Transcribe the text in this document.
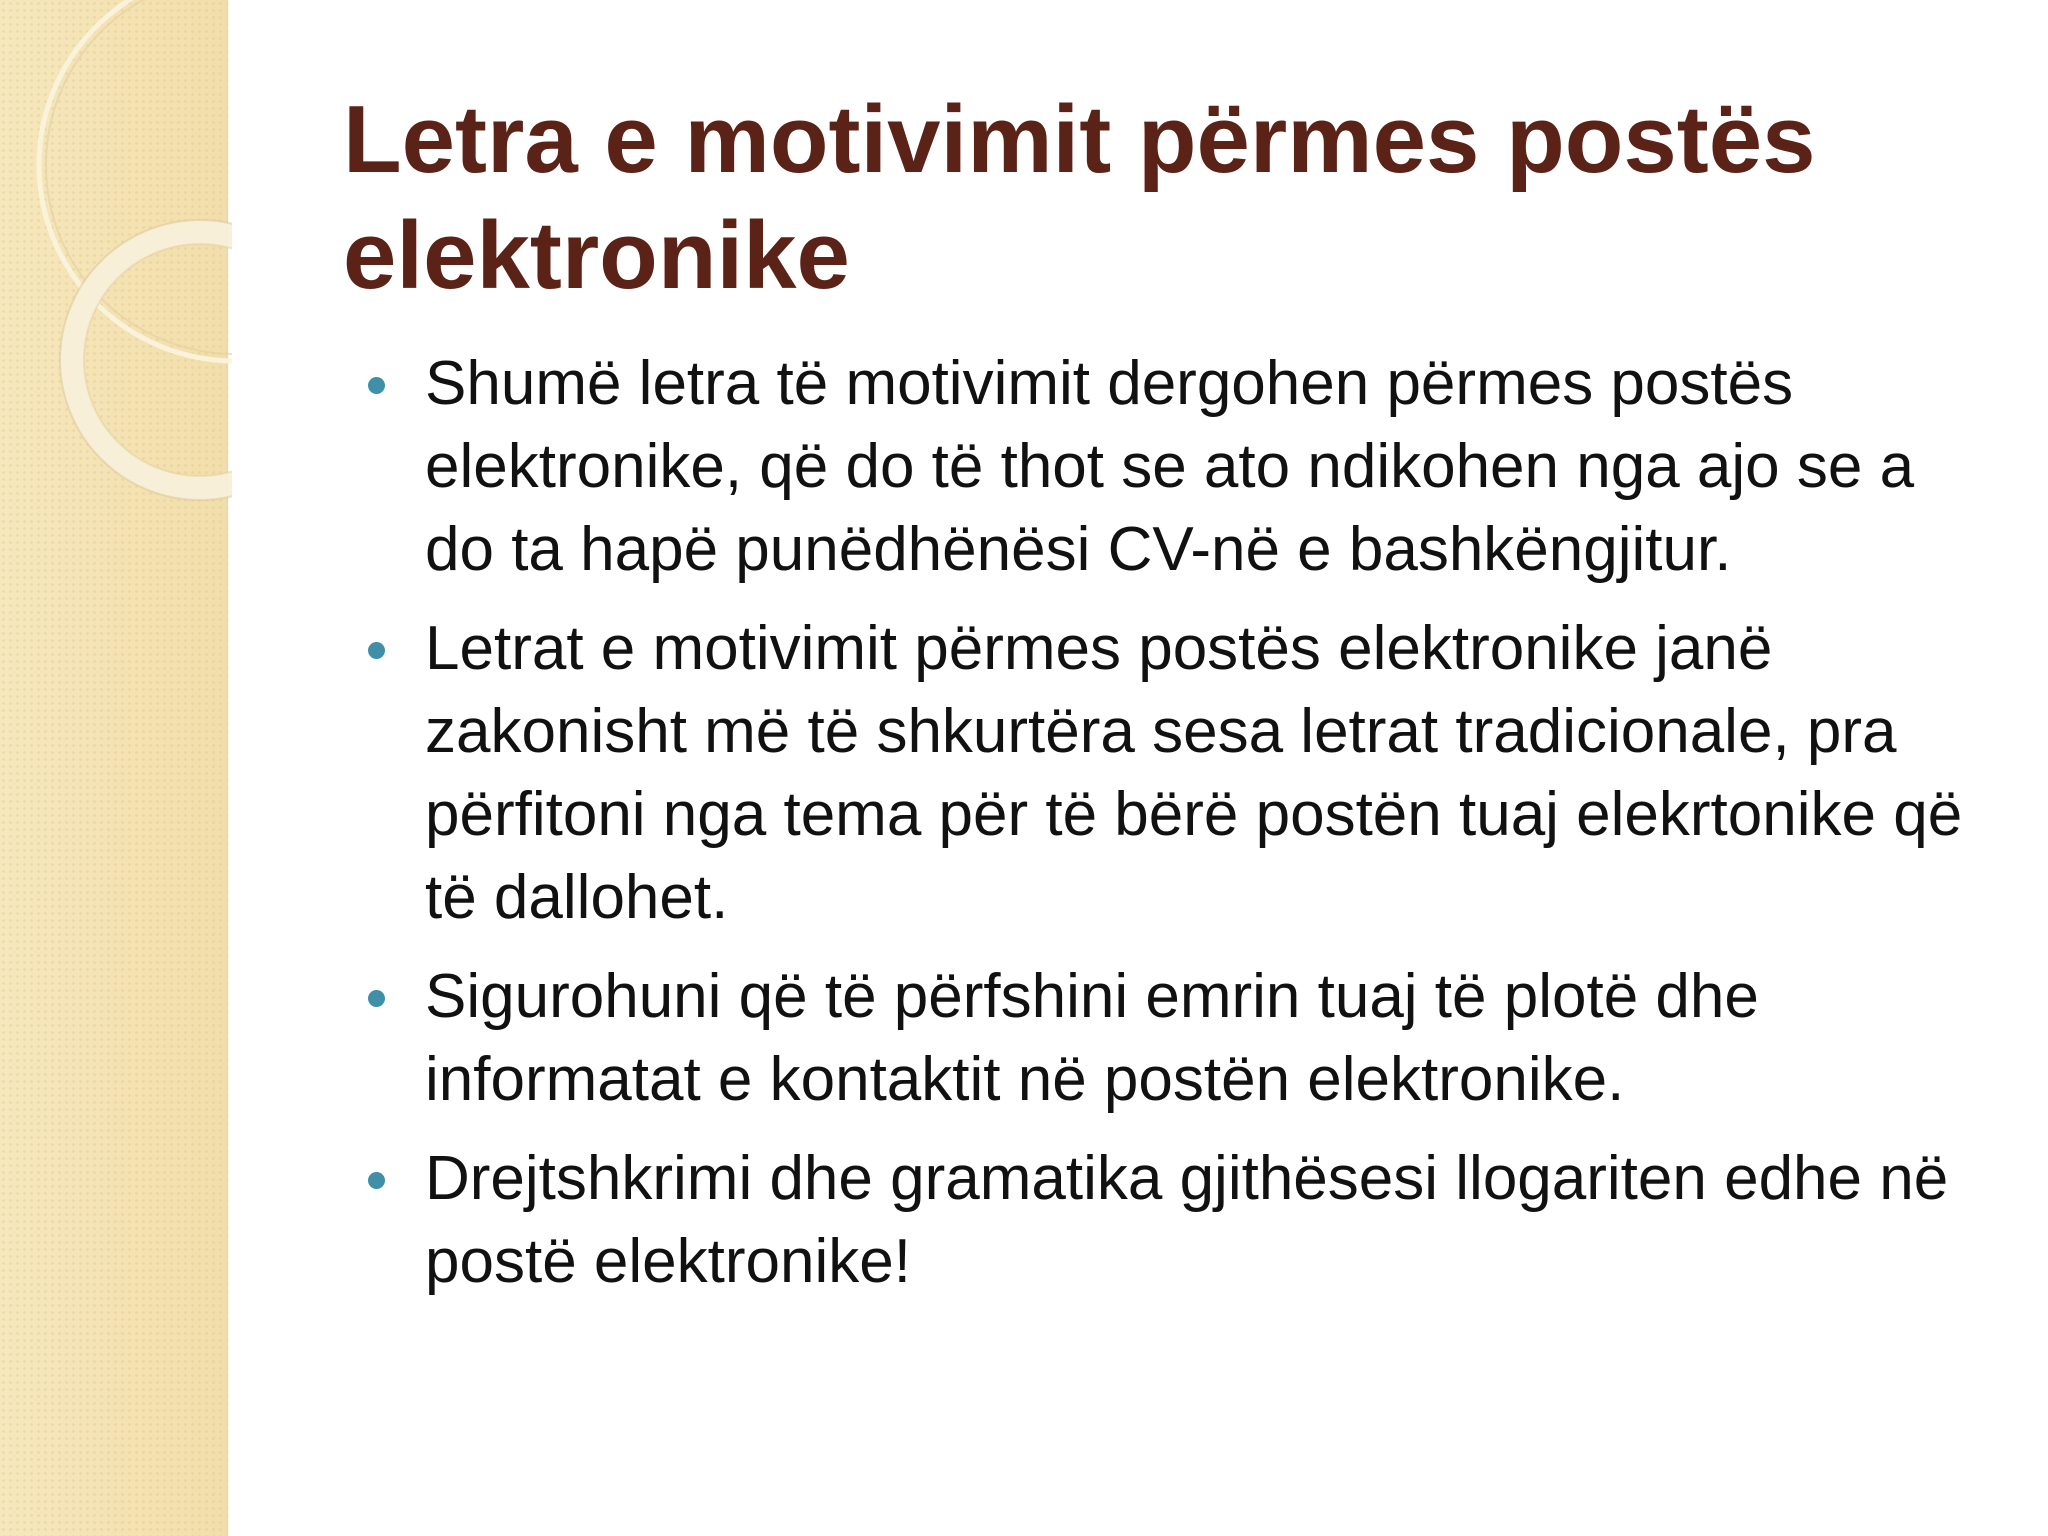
Letra e motivimit përmes postës elektronike
Shumë letra të motivimit dergohen përmes postës elektronike, që do të thot se ato ndikohen nga ajo se a do ta hapë punëdhënësi CV-në e bashkëngjitur.
Letrat e motivimit përmes postës elektronike janë zakonisht më të shkurtëra sesa letrat tradicionale, pra përfitoni nga tema për të bërë postën tuaj elekrtonike që të dallohet.
Sigurohuni që të përfshini emrin tuaj të plotë dhe informatat e kontaktit në postën elektronike.
Drejtshkrimi dhe gramatika gjithësesi llogariten edhe në postë elektronike!
